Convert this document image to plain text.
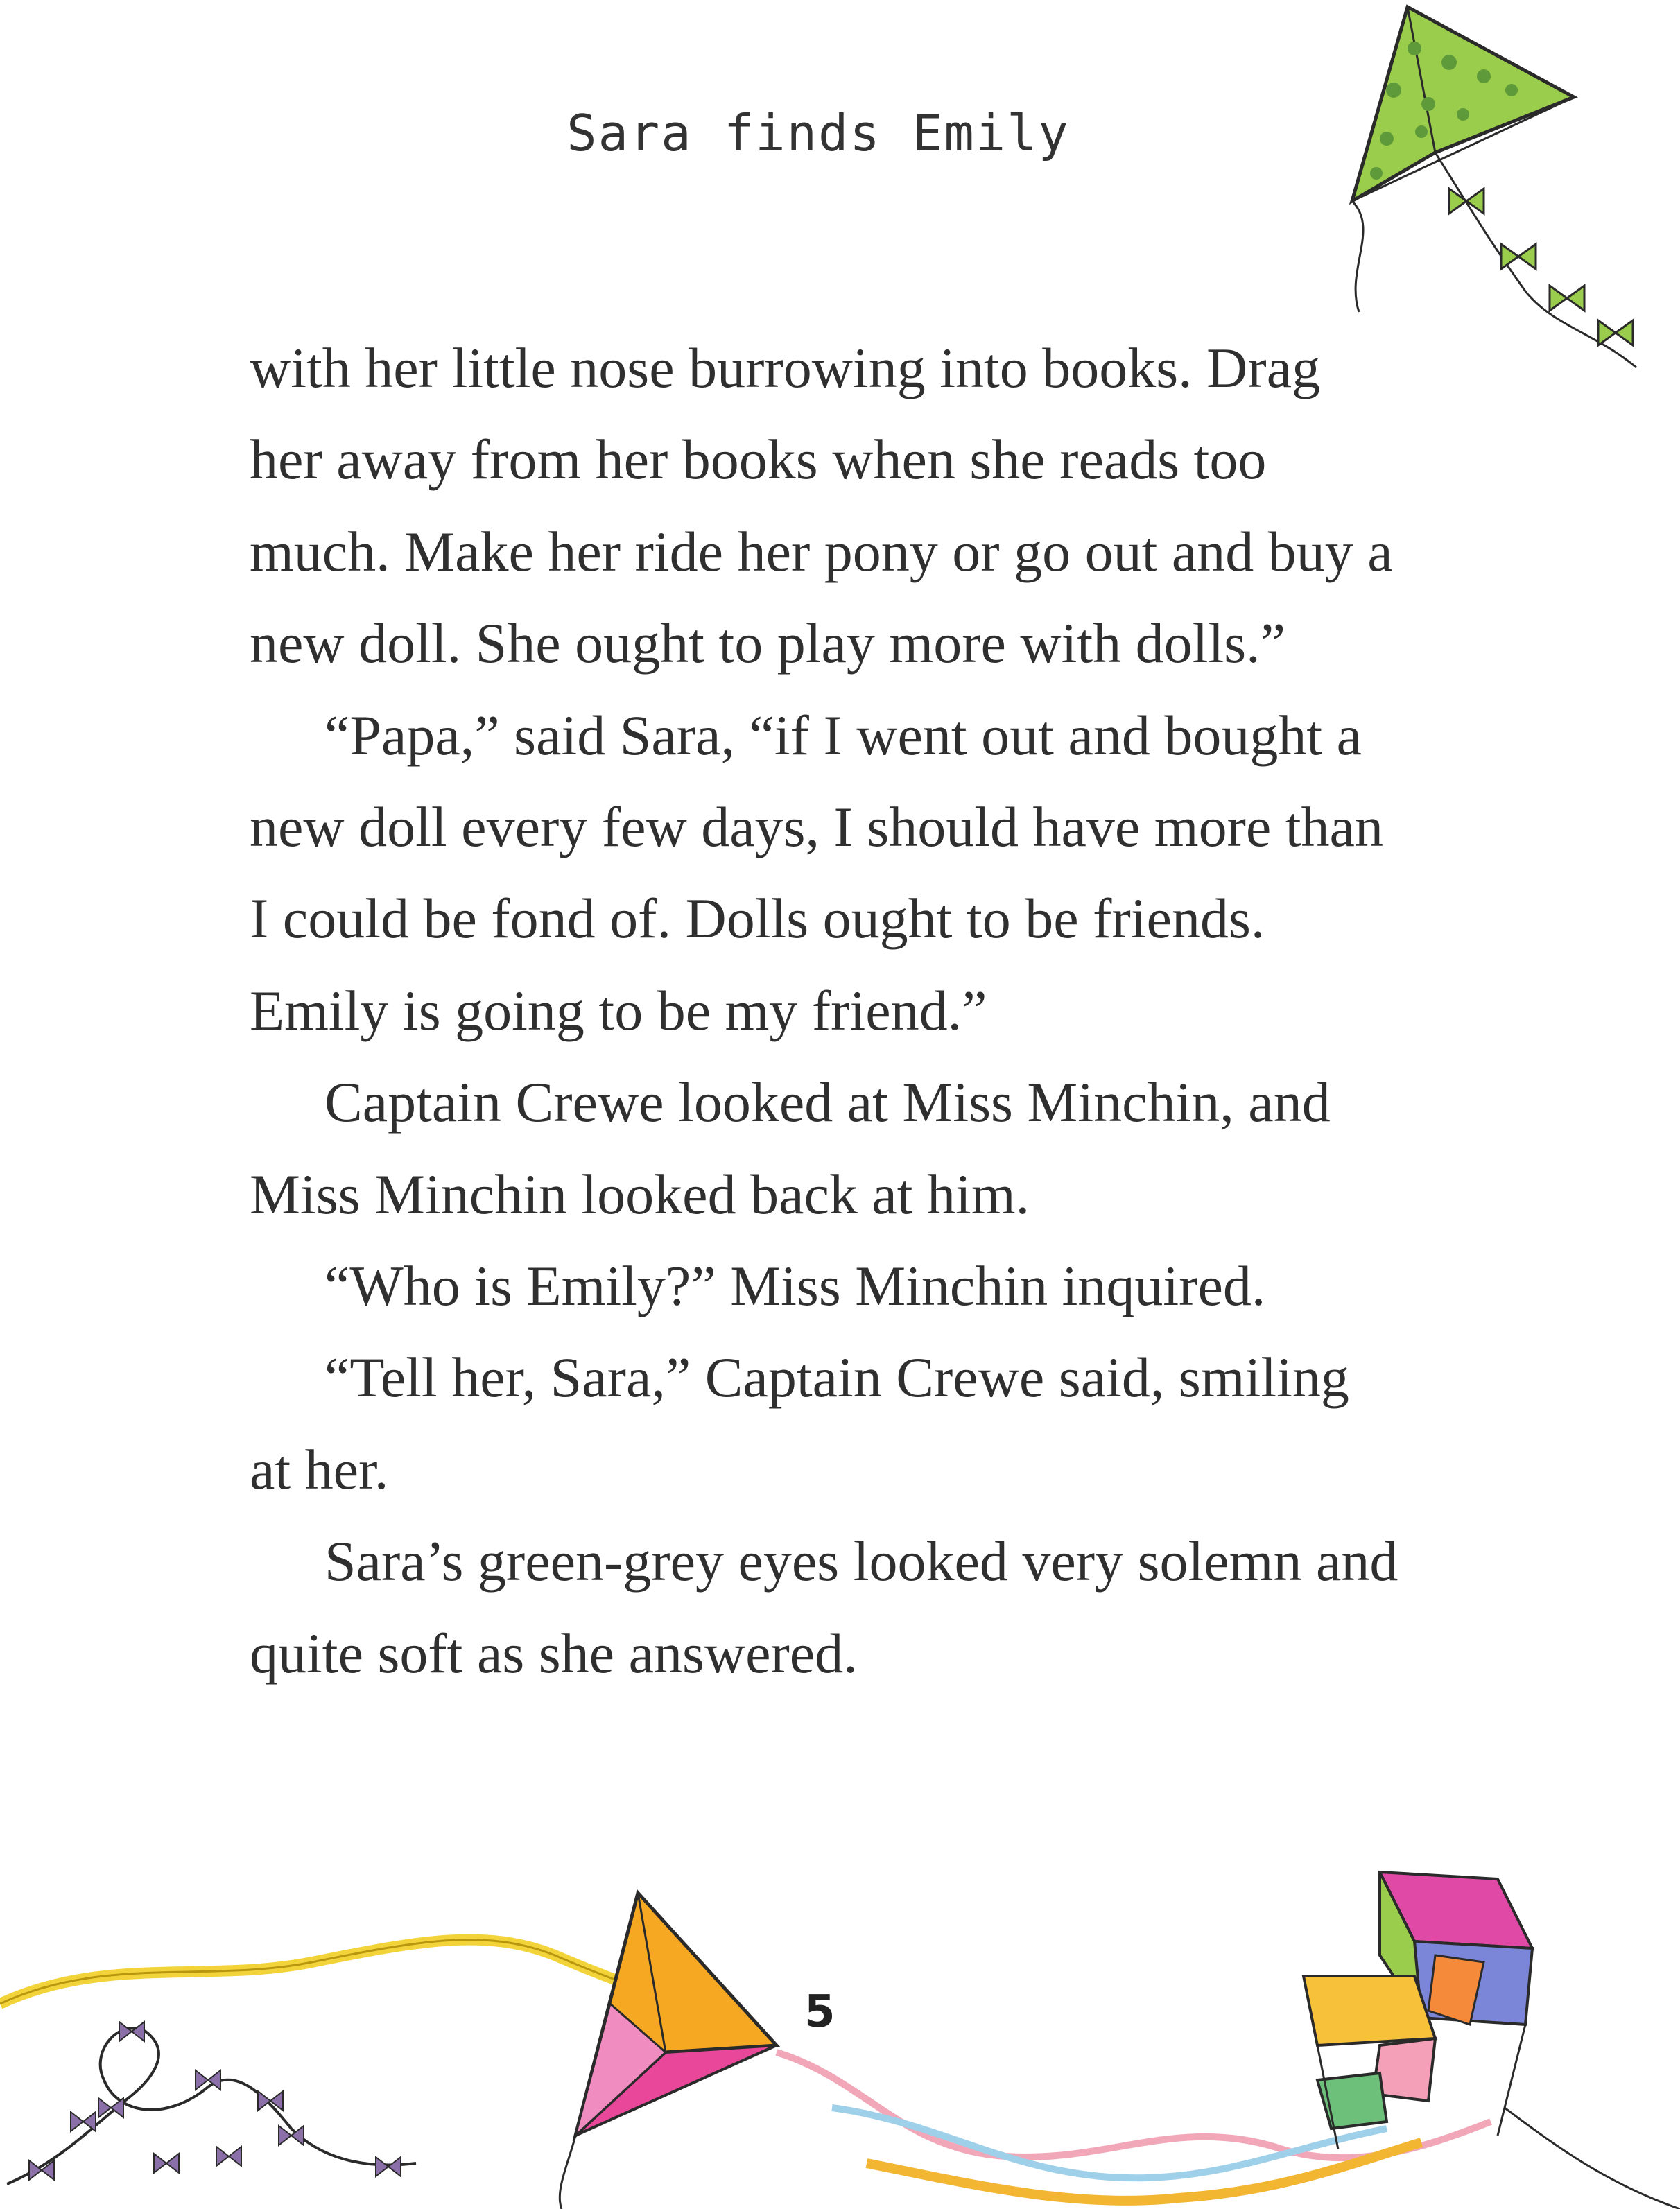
Sara finds Emily

with her little nose burrowing into books. Drag her away from her books when she reads too much. Make her ride her pony or go out and buy a new doll. She ought to play more with dolls.”

“Papa,” said Sara, “if I went out and bought a new doll every few days, I should have more than I could be fond of. Dolls ought to be friends. Emily is going to be my friend.”

Captain Crewe looked at Miss Minchin, and Miss Minchin looked back at him.

“Who is Emily?” Miss Minchin inquired.

“Tell her, Sara,” Captain Crewe said, smiling at her.

Sara’s green-grey eyes looked very solemn and quite soft as she answered.

5
